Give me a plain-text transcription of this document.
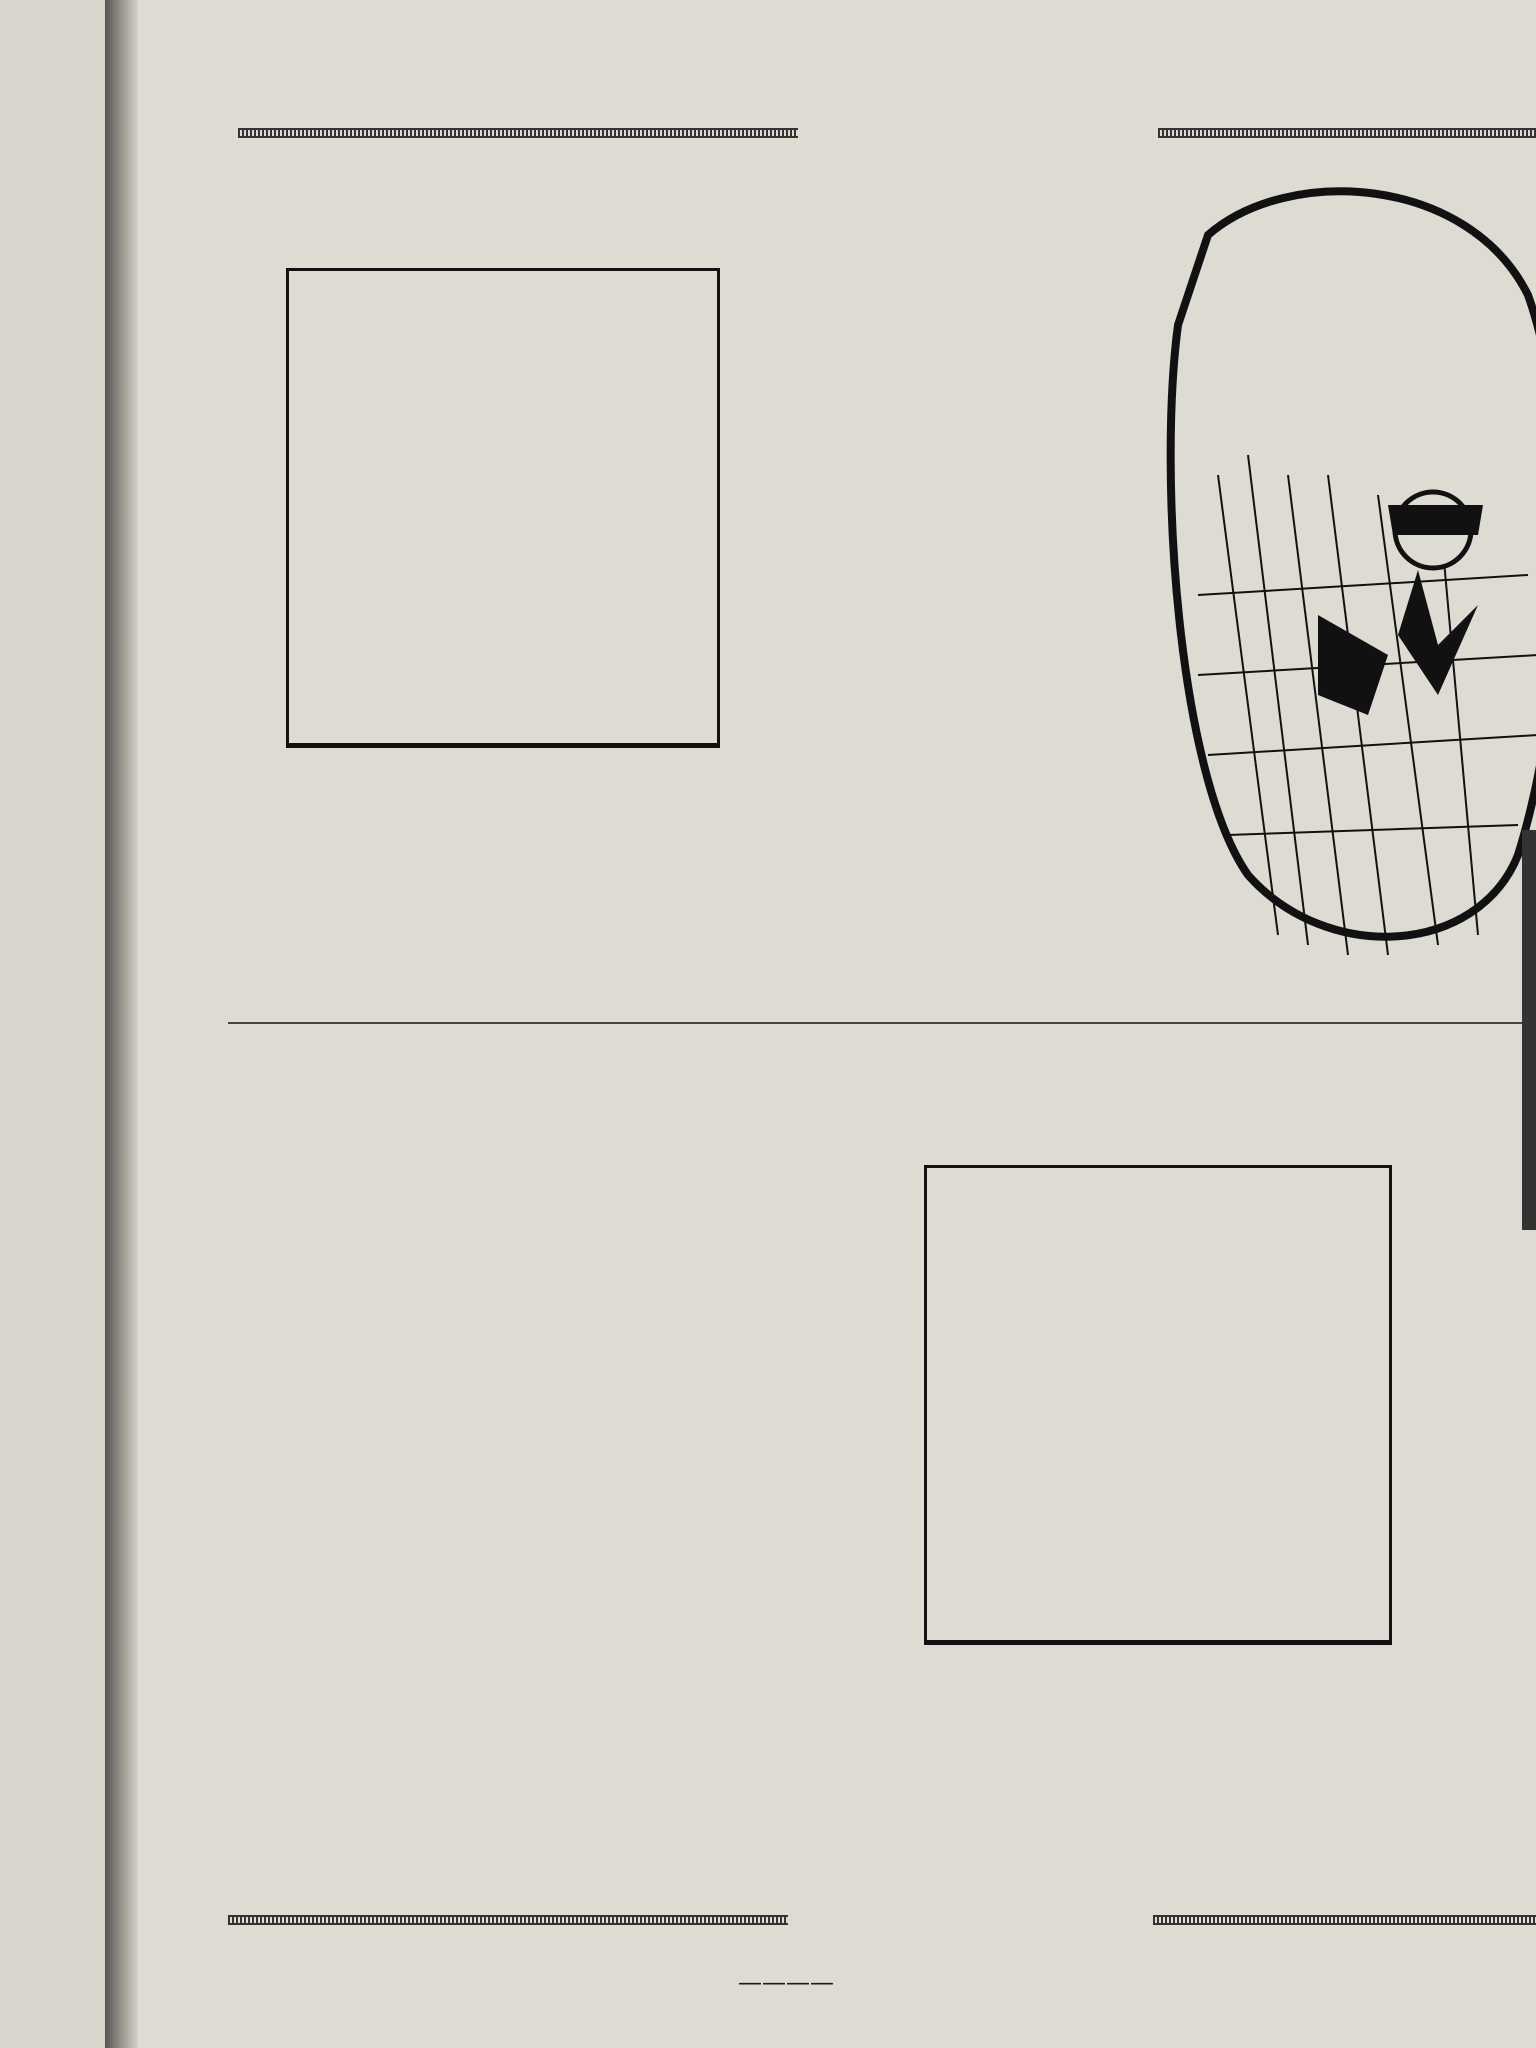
————
